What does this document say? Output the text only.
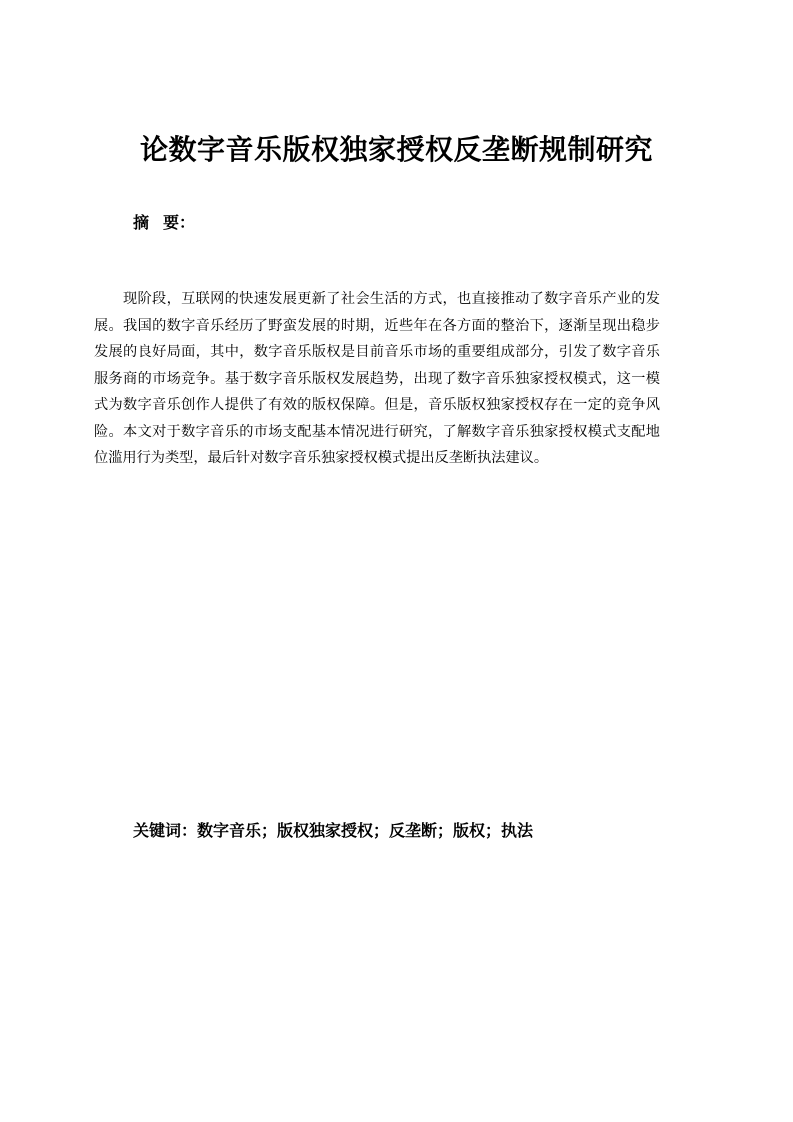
论数字音乐版权独家授权反垄断规制研究
摘 要：

现阶段，互联网的快速发展更新了社会生活的方式，也直接推动了数字音乐产业的发展。我国的数字音乐经历了野蛮发展的时期，近些年在各方面的整治下，逐渐呈现出稳步发展的良好局面，其中，数字音乐版权是目前音乐市场的重要组成部分，引发了数字音乐服务商的市场竞争。基于数字音乐版权发展趋势，出现了数字音乐独家授权模式，这一模式为数字音乐创作人提供了有效的版权保障。但是，音乐版权独家授权存在一定的竞争风险。本文对于数字音乐的市场支配基本情况进行研究，了解数字音乐独家授权模式支配地位滥用行为类型，最后针对数字音乐独家授权模式提出反垄断执法建议。

关键词：数字音乐；版权独家授权；反垄断；版权；执法
